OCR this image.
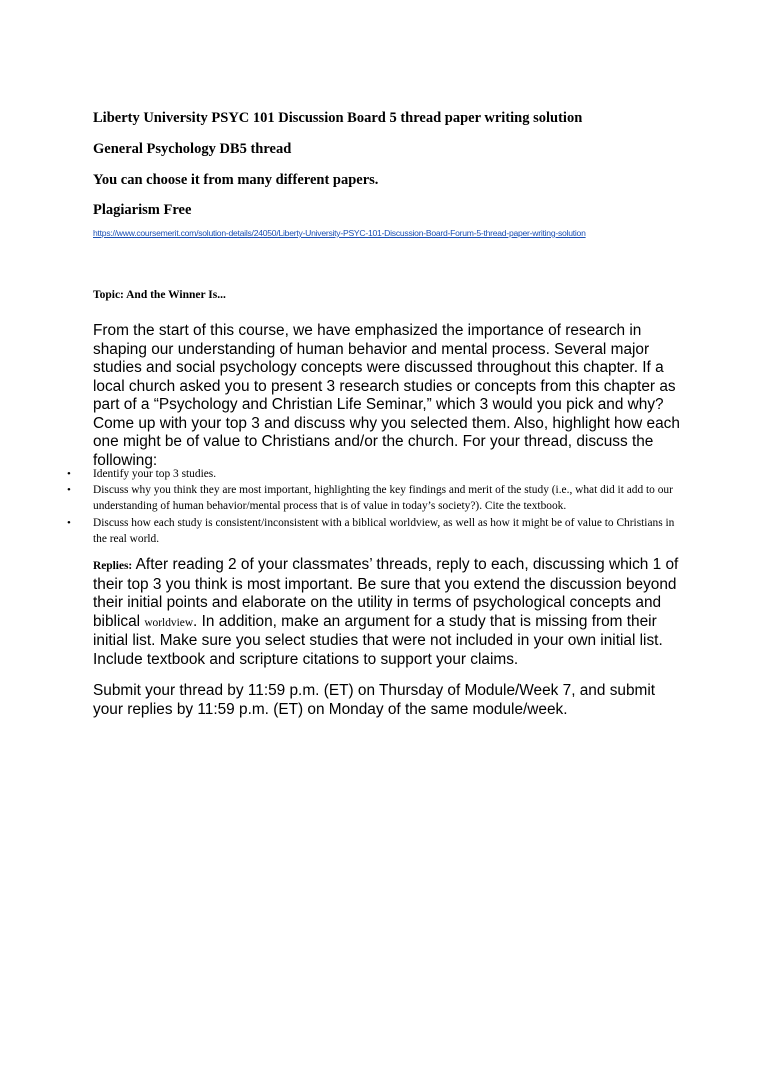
Liberty University PSYC 101 Discussion Board 5 thread paper writing solution

General Psychology DB5 thread

You can choose it from many different papers.

Plagiarism Free

https://www.coursemerit.com/solution-details/24050/Liberty-University-PSYC-101-Discussion-Board-Forum-5-thread-paper-writing-solution

Topic: And the Winner Is...

From the start of this course, we have emphasized the importance of research in shaping our understanding of human behavior and mental process. Several major studies and social psychology concepts were discussed throughout this chapter. If a local church asked you to present 3 research studies or concepts from this chapter as part of a “Psychology and Christian Life Seminar,” which 3 would you pick and why? Come up with your top 3 and discuss why you selected them. Also, highlight how each one might be of value to Christians and/or the church. For your thread, discuss the following:

• Identify your top 3 studies.
• Discuss why you think they are most important, highlighting the key findings and merit of the study (i.e., what did it add to our understanding of human behavior/mental process that is of value in today’s society?). Cite the textbook.
• Discuss how each study is consistent/inconsistent with a biblical worldview, as well as how it might be of value to Christians in the real world.

Replies: After reading 2 of your classmates’ threads, reply to each, discussing which 1 of their top 3 you think is most important. Be sure that you extend the discussion beyond their initial points and elaborate on the utility in terms of psychological concepts and biblical worldview. In addition, make an argument for a study that is missing from their initial list. Make sure you select studies that were not included in your own initial list. Include textbook and scripture citations to support your claims.

Submit your thread by 11:59 p.m. (ET) on Thursday of Module/Week 7, and submit your replies by 11:59 p.m. (ET) on Monday of the same module/week.
